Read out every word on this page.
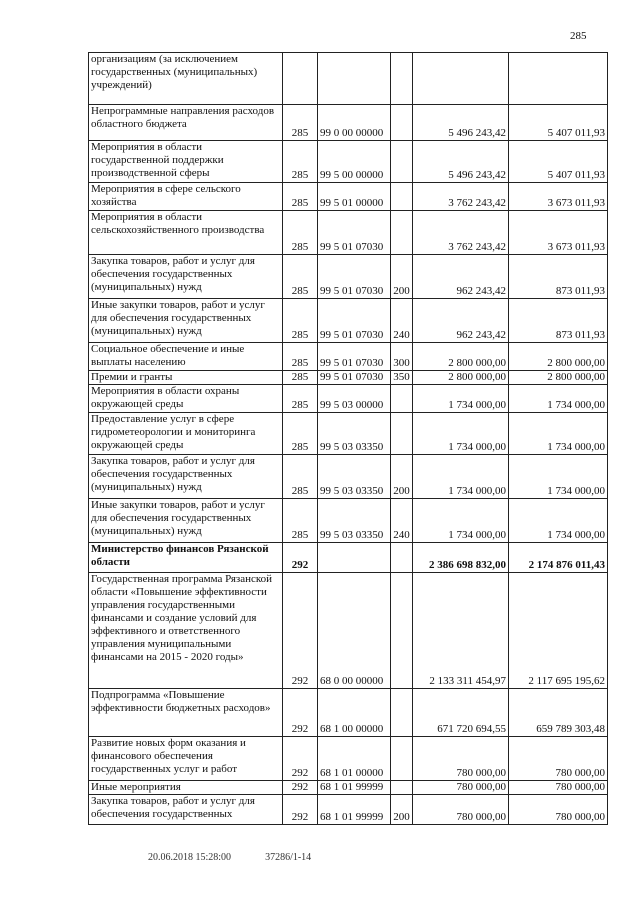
285
организациям (за исключением государственных (муниципальных) учреждений)					
Непрограммные направления расходов областного бюджета	285	99 0 00 00000		5 496 243,42	5 407 011,93
Мероприятия в области государственной поддержки производственной сферы	285	99 5 00 00000		5 496 243,42	5 407 011,93
Мероприятия в сфере сельского хозяйства	285	99 5 01 00000		3 762 243,42	3 673 011,93
Мероприятия в области сельскохозяйственного производства	285	99 5 01 07030		3 762 243,42	3 673 011,93
Закупка товаров, работ и услуг для обеспечения государственных (муниципальных) нужд	285	99 5 01 07030	200	962 243,42	873 011,93
Иные закупки товаров, работ и услуг для обеспечения государственных (муниципальных) нужд	285	99 5 01 07030	240	962 243,42	873 011,93
Социальное обеспечение и иные выплаты населению	285	99 5 01 07030	300	2 800 000,00	2 800 000,00
Премии и гранты	285	99 5 01 07030	350	2 800 000,00	2 800 000,00
Мероприятия в области охраны окружающей среды	285	99 5 03 00000		1 734 000,00	1 734 000,00
Предоставление услуг в сфере гидрометеорологии и мониторинга окружающей среды	285	99 5 03 03350		1 734 000,00	1 734 000,00
Закупка товаров, работ и услуг для обеспечения государственных (муниципальных) нужд	285	99 5 03 03350	200	1 734 000,00	1 734 000,00
Иные закупки товаров, работ и услуг для обеспечения государственных (муниципальных) нужд	285	99 5 03 03350	240	1 734 000,00	1 734 000,00
Министерство финансов Рязанской области	292			2 386 698 832,00	2 174 876 011,43
Государственная программа Рязанской области «Повышение эффективности управления государственными финансами и создание условий для эффективного и ответственного управления муниципальными финансами на 2015 - 2020 годы»	292	68 0 00 00000		2 133 311 454,97	2 117 695 195,62
Подпрограмма «Повышение эффективности бюджетных расходов»	292	68 1 00 00000		671 720 694,55	659 789 303,48
Развитие новых форм оказания и финансового обеспечения государственных услуг и работ	292	68 1 01 00000		780 000,00	780 000,00
Иные мероприятия	292	68 1 01 99999		780 000,00	780 000,00
Закупка товаров, работ и услуг для обеспечения государственных	292	68 1 01 99999	200	780 000,00	780 000,00
20.06.2018 15:28:00	37286/1-14
